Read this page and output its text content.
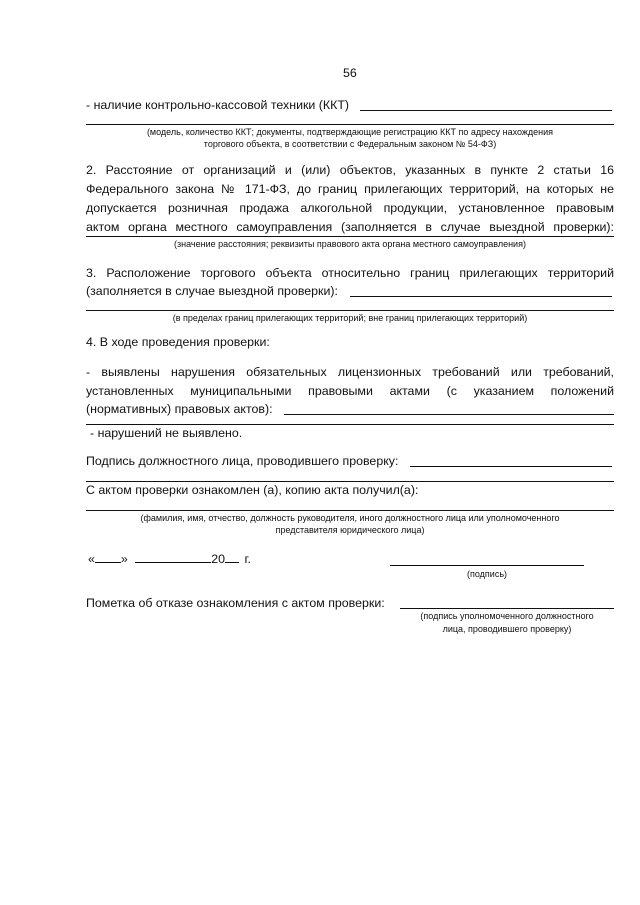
56
- наличие контрольно-кассовой техники (ККТ)
(модель, количество ККТ; документы, подтверждающие регистрацию ККТ по адресу нахождения
торгового объекта, в соответствии с Федеральным законом № 54-ФЗ)
2. Расстояние от организаций и (или) объектов, указанных в пункте 2 статьи 16
Федерального закона № 171-ФЗ, до границ прилегающих территорий, на которых не
допускается розничная продажа алкогольной продукции, установленное правовым
актом органа местного самоуправления (заполняется в случае выездной проверки):
(значение расстояния; реквизиты правового акта органа местного самоуправления)
3. Расположение торгового объекта относительно границ прилегающих территорий
(заполняется в случае выездной проверки):
(в пределах границ прилегающих территорий; вне границ прилегающих территорий)
4. В ходе проведения проверки:
- выявлены нарушения обязательных лицензионных требований или требований,
установленных муниципальными правовыми актами (с указанием положений
(нормативных) правовых актов):
- нарушений не выявлено.
Подпись должностного лица, проводившего проверку:
С актом проверки ознакомлен (а), копию акта получил(а):
(фамилия, имя, отчество, должность руководителя, иного должностного лица или уполномоченного
представителя юридического лица)
« »	20 г.
(подпись)
Пометка об отказе ознакомления с актом проверки:
(подпись уполномоченного должностного
лица, проводившего проверку)
